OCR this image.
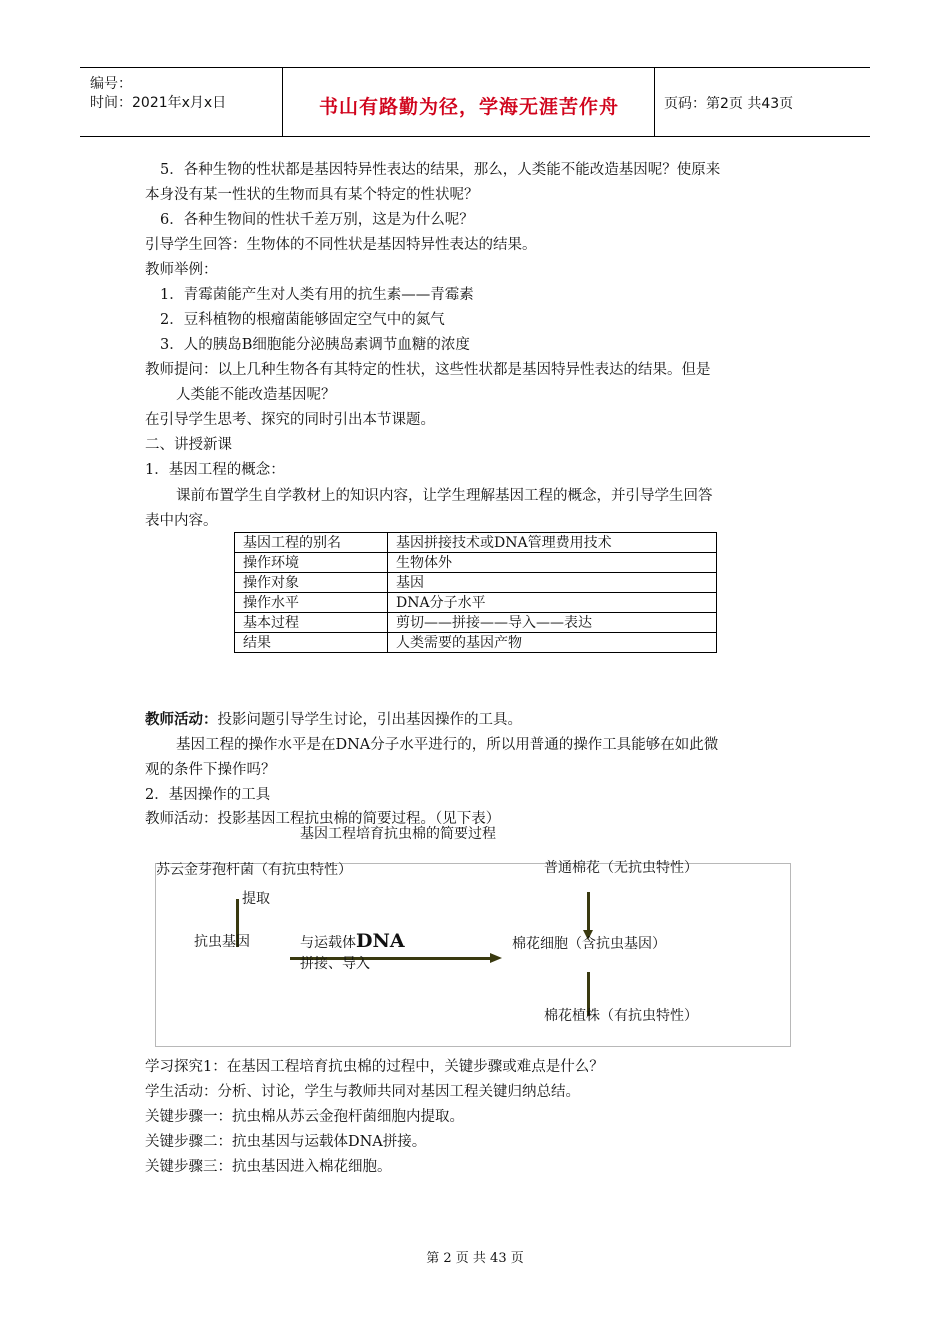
编号：
时间：2021年x月x日	书山有路勤为径，学海无涯苦作舟	页码：第2页 共43页
5．各种生物的性状都是基因特异性表达的结果，那么，人类能不能改造基因呢？使原来
本身没有某一性状的生物而具有某个特定的性状呢？
6．各种生物间的性状千差万别，这是为什么呢？
引导学生回答：生物体的不同性状是基因特异性表达的结果。
教师举例：
1．青霉菌能产生对人类有用的抗生素——青霉素
2．豆科植物的根瘤菌能够固定空气中的氮气
3．人的胰岛B细胞能分泌胰岛素调节血糖的浓度
教师提问：以上几种生物各有其特定的性状，这些性状都是基因特异性表达的结果。但是
人类能不能改造基因呢？
在引导学生思考、探究的同时引出本节课题。
二、讲授新课
1．基因工程的概念：
课前布置学生自学教材上的知识内容，让学生理解基因工程的概念，并引导学生回答
表中内容。
基因工程的别名	基因拼接技术或DNA管理费用技术
操作环境	生物体外
操作对象	基因
操作水平	DNA分子水平
基本过程	剪切——拼接——导入——表达
结果	人类需要的基因产物
教师活动：投影问题引导学生讨论，引出基因操作的工具。
基因工程的操作水平是在DNA分子水平进行的，所以用普通的操作工具能够在如此微
观的条件下操作吗？
2．基因操作的工具
教师活动：投影基因工程抗虫棉的简要过程。（见下表）
基因工程培育抗虫棉的简要过程
苏云金芽孢杆菌（有抗虫特性）	普通棉花（无抗虫特性）
提取
抗虫基因	与运载体DNA
拼接、导入
棉花细胞（含抗虫基因）
棉花植株（有抗虫特性）
学习探究1：在基因工程培育抗虫棉的过程中，关键步骤或难点是什么？
学生活动：分析、讨论，学生与教师共同对基因工程关键归纳总结。
关键步骤一：抗虫棉从苏云金孢杆菌细胞内提取。
关键步骤二：抗虫基因与运载体DNA拼接。
关键步骤三：抗虫基因进入棉花细胞。
第 2 页 共 43 页
